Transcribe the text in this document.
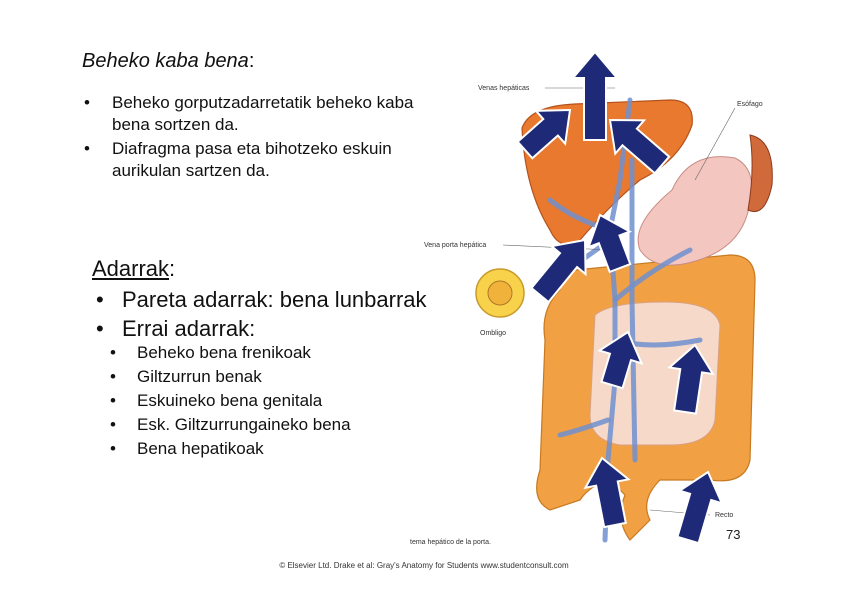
Beheko kaba bena:
• Beheko gorputzadarretatik beheko kaba bena sortzen da.
• Diafragma pasa eta bihotzeko eskuin aurikulan sartzen da.
Adarrak:
• Pareta adarrak: bena lunbarrak
• Errai adarrak:
• Beheko bena frenikoak
• Giltzurrun benak
• Eskuineko bena genitala
• Esk. Giltzurrungaineko bena
• Bena hepatikoak
Venas hepáticas
Esófago
Vena porta hepática
Ombligo
Recto
tema hepático de la porta.
73
© Elsevier Ltd. Drake et al: Gray's Anatomy for Students www.studentconsult.com
